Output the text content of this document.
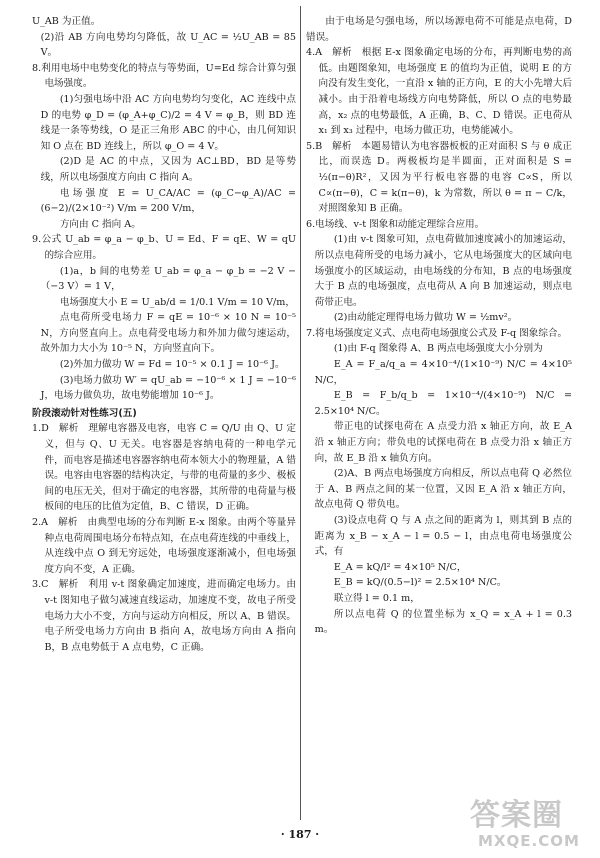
U_AB 为正值。

(2)沿 AB 方向电势均匀降低，故 U_AC = ½U_AB = 85 V。

8.利用电场中电势变化的特点与等势面，U=Ed 综合计算匀强电场强度。

(1)匀强电场中沿 AC 方向电势均匀变化，AC 连线中点 D 的电势 φ_D = (φ_A+φ_C)/2 = 4 V = φ_B，则 BD 连线是一条等势线，O 是正三角形 ABC 的中心，由几何知识知 O 点在 BD 连线上，所以 φ_O = 4 V。

(2)D 是 AC 的中点，又因为 AC⊥BD，BD 是等势线，所以电场强度方向由 C 指向 A。

电场强度 E = U_CA/AC = (φ_C−φ_A)/AC = (6−2)/(2×10⁻²) V/m = 200 V/m，

方向由 C 指向 A。

9.公式 U_ab = φ_a − φ_b、U = Ed、F = qE、W = qU 的综合应用。

(1)a，b 间的电势差 U_ab = φ_a − φ_b = −2 V −（−3 V）= 1 V，

电场强度大小 E = U_ab/d = 1/0.1 V/m = 10 V/m，

点电荷所受电场力 F = qE = 10⁻⁶ × 10 N = 10⁻⁵ N，方向竖直向上。点电荷受电场力和外加力做匀速运动，故外加力大小为 10⁻⁵ N，方向竖直向下。

(2)外加力做功 W = Fd = 10⁻⁵ × 0.1 J = 10⁻⁶ J。

(3)电场力做功 W′ = qU_ab = −10⁻⁶ × 1 J = −10⁻⁶ J，电场力做负功，故电势能增加 10⁻⁶ J。

阶段滚动针对性练习(五)

1.D　解析　理解电容器及电容，电容 C = Q/U 由 Q、U 定义，但与 Q、U 无关。电容器是容纳电荷的一种电学元件，而电容是描述电容器容纳电荷本领大小的物理量，A 错误。电容由电容器的结构决定，与带的电荷量的多少、极板间的电压无关，但对于确定的电容器，其所带的电荷量与极板间的电压的比值为定值，B、C 错误，D 正确。

2.A　解析　由典型电场的分布判断 E-x 图象。由两个等量异种点电荷周围电场分布特点知，在点电荷连线的中垂线上，从连线中点 O 到无穷远处，电场强度逐渐减小，但电场强度方向不变，A 正确。

3.C　解析　利用 v-t 图象确定加速度，进而确定电场力。由 v-t 图知电子做匀减速直线运动，加速度不变，故电子所受电场力大小不变，方向与运动方向相反，所以 A、B 错误。电子所受电场力方向由 B 指向 A，故电场方向由 A 指向 B，B 点电势低于 A 点电势，C 正确。

由于电场是匀强电场，所以场源电荷不可能是点电荷，D 错误。

4.A　解析　根据 E-x 图象确定电场的分布，再判断电势的高低。由题图象知，电场强度 E 的值均为正值，说明 E 的方向没有发生变化，一直沿 x 轴的正方向，E 的大小先增大后减小。由于沿着电场线方向电势降低，所以 O 点的电势最高，x₂ 点的电势最低，A 正确，B、C、D 错误。正电荷从 x₁ 到 x₃ 过程中，电场力做正功，电势能减小。

5.B　解析　本题易错认为电容器板板的正对面积 S 与 θ 成正比，而误选 D。两极板均是半圆面，正对面积是 S = ½(π−θ)R²，又因为平行板电容器的电容 C∝S，所以 C∝(π−θ)，C = k(π−θ)，k 为常数，所以 θ = π − C/k，对照图象知 B 正确。

6.电场线、v-t 图象和动能定理综合应用。

(1)由 v-t 图象可知，点电荷做加速度减小的加速运动，所以点电荷所受的电场力减小，它从电场强度大的区域向电场强度小的区域运动，由电场线的分布知，B 点的电场强度大于 B 点的电场强度，点电荷从 A 向 B 加速运动，则点电荷带正电。

(2)由动能定理得电场力做功 W = ½mv²。

7.将电场强度定义式、点电荷电场强度公式及 F-q 图象综合。

(1)由 F-q 图象得 A、B 两点电场强度大小分别为

E_A = F_a/q_a = 4×10⁻⁴/(1×10⁻⁹) N/C = 4×10⁵ N/C，

E_B = F_b/q_b = 1×10⁻⁴/(4×10⁻⁹) N/C = 2.5×10⁴ N/C。

带正电的试探电荷在 A 点受力沿 x 轴正方向，故 E_A 沿 x 轴正方向；带负电的试探电荷在 B 点受力沿 x 轴正方向，故 E_B 沿 x 轴负方向。

(2)A、B 两点电场强度方向相反，所以点电荷 Q 必然位于 A、B 两点之间的某一位置，又因 E_A 沿 x 轴正方向，故点电荷 Q 带负电。

(3)设点电荷 Q 与 A 点之间的距离为 l，则其到 B 点的距离为 x_B − x_A − l = 0.5 − l，由点电荷电场强度公式，有

E_A = kQ/l² = 4×10⁵ N/C，

E_B = kQ/(0.5−l)² = 2.5×10⁴ N/C。

联立得 l = 0.1 m，

所以点电荷 Q 的位置坐标为 x_Q = x_A + l = 0.3 m。

· 187 ·
答案圈
MXQE.COM
